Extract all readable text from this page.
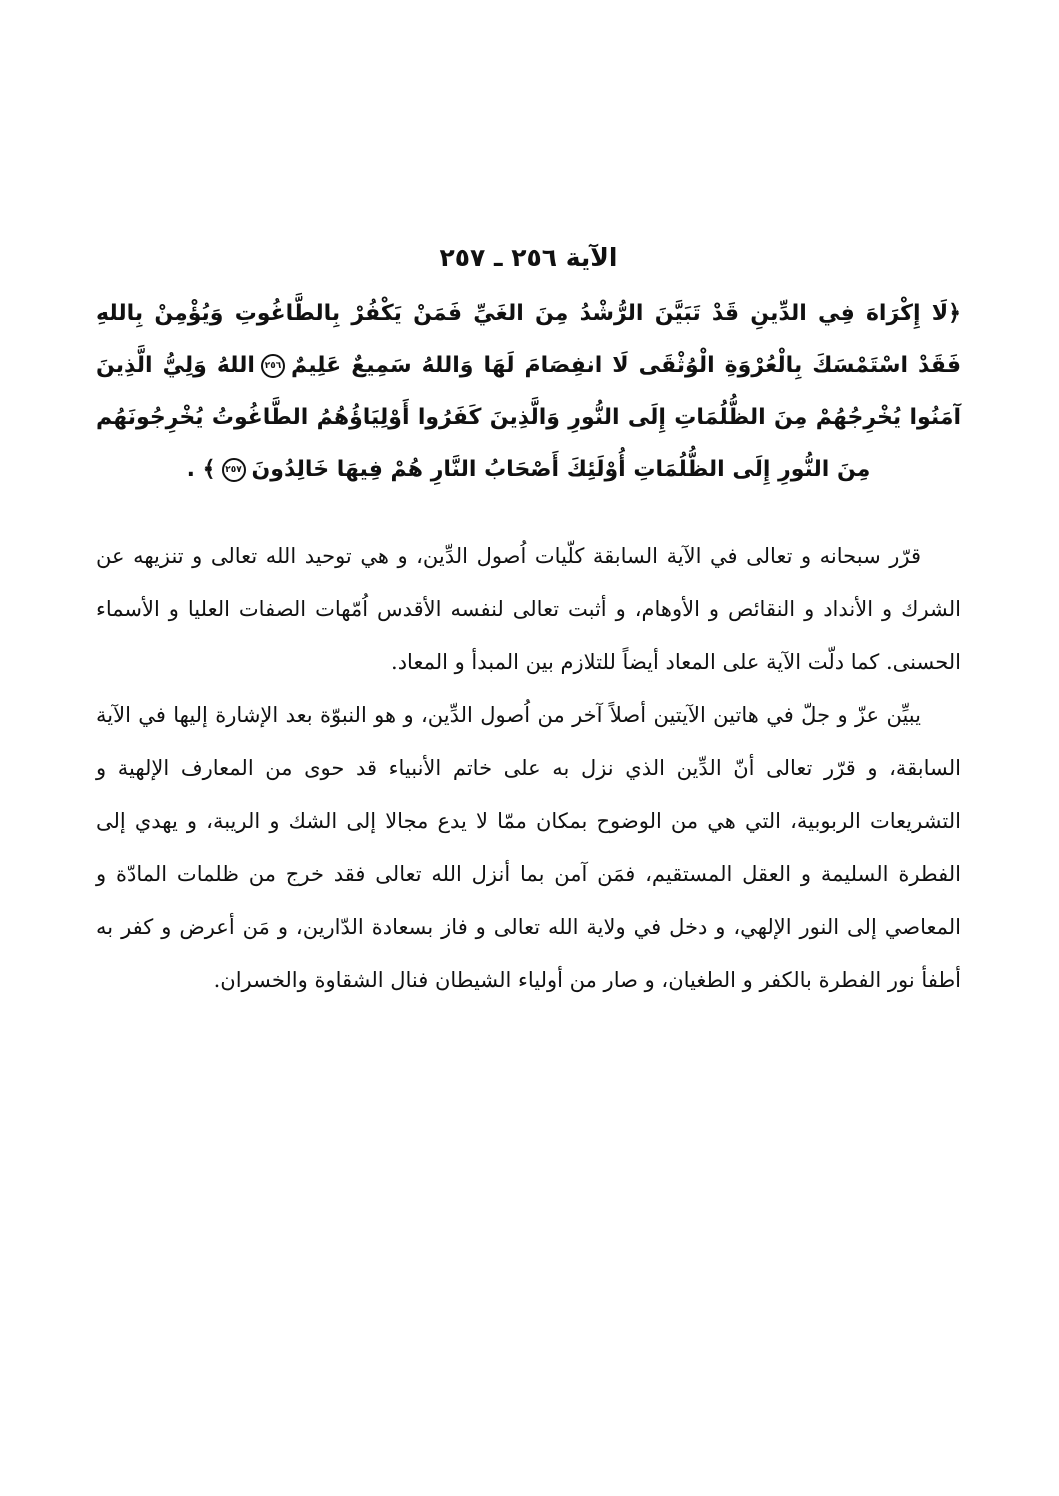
الآية ٢٥٦ ـ ٢٥٧

﴿لَا إِكْرَاهَ فِي الدِّينِ قَدْ تَبَيَّنَ الرُّشْدُ مِنَ الغَيِّ فَمَنْ يَكْفُرْ بِالطَّاغُوتِ وَيُؤْمِنْ بِاللهِ فَقَدْ اسْتَمْسَكَ بِالْعُرْوَةِ الْوُثْقَى لَا انفِصَامَ لَهَا وَاللهُ سَمِيعٌ عَلِيمٌ٢٥٦اللهُ وَلِيُّ الَّذِينَ آمَنُوا يُخْرِجُهُمْ مِنَ الظُّلُمَاتِ إِلَى النُّورِ وَالَّذِينَ كَفَرُوا أَوْلِيَاؤُهُمُ الطَّاغُوتُ يُخْرِجُونَهُم مِنَ النُّورِ إِلَى الظُّلُمَاتِ أُوْلَئِكَ أَصْحَابُ النَّارِ هُمْ فِيهَا خَالِدُونَ٢٥٧﴾ .

قرّر سبحانه و تعالى في الآية السابقة كلّيات اُصول الدِّين، و هي توحيد الله تعالى و تنزيهه عن الشرك و الأنداد و النقائص و الأوهام، و أثبت تعالى لنفسه الأقدس اُمّهات الصفات العليا و الأسماء الحسنى. كما دلّت الآية على المعاد أيضاً للتلازم بين المبدأ و المعاد.

يبيِّن عزّ و جلّ في هاتين الآيتين أصلاً آخر من اُصول الدِّين، و هو النبوّة بعد الإشارة إليها في الآية السابقة، و قرّر تعالى أنّ الدِّين الذي نزل به على خاتم الأنبياء قد حوى من المعارف الإلهية و التشريعات الربوبية، التي هي من الوضوح بمكان ممّا لا يدع مجالا إلى الشك و الريبة، و يهدي إلى الفطرة السليمة و العقل المستقيم، فمَن آمن بما أنزل الله تعالى فقد خرج من ظلمات المادّة و المعاصي إلى النور الإلهي، و دخل في ولاية الله تعالى و فاز بسعادة الدّارين، و مَن أعرض و كفر به أطفأ نور الفطرة بالكفر و الطغيان، و صار من أولياء الشيطان فنال الشقاوة والخسران.
